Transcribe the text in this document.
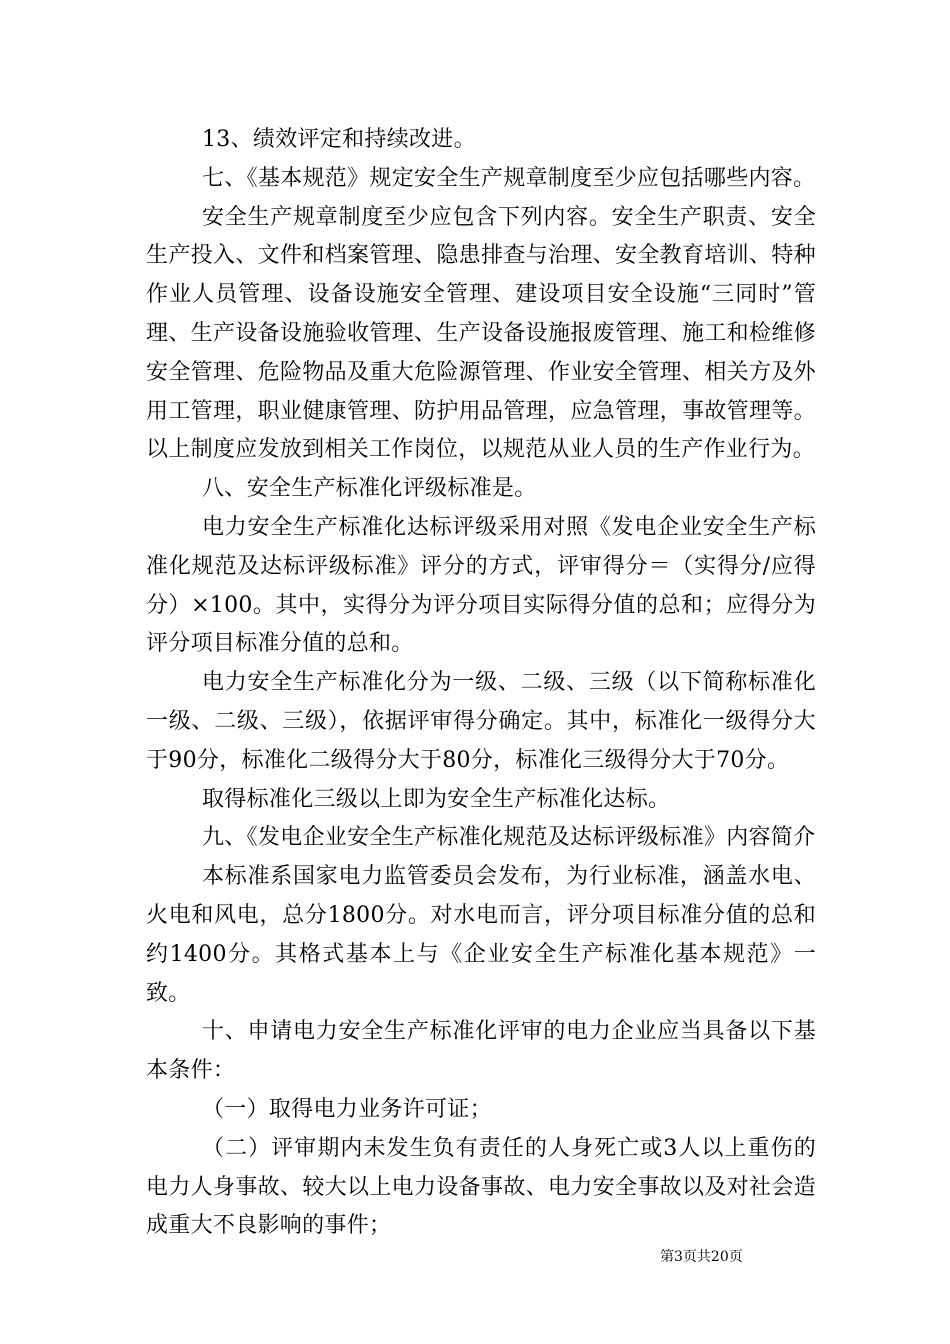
13、绩效评定和持续改进。

七、《基本规范》规定安全生产规章制度至少应包括哪些内容。

安全生产规章制度至少应包含下列内容。安全生产职责、安全生产投入、文件和档案管理、隐患排查与治理、安全教育培训、特种作业人员管理、设备设施安全管理、建设项目安全设施“三同时”管理、生产设备设施验收管理、生产设备设施报废管理、施工和检维修安全管理、危险物品及重大危险源管理、作业安全管理、相关方及外用工管理，职业健康管理、防护用品管理，应急管理，事故管理等。以上制度应发放到相关工作岗位，以规范从业人员的生产作业行为。

八、安全生产标准化评级标准是。

电力安全生产标准化达标评级采用对照《发电企业安全生产标准化规范及达标评级标准》评分的方式，评审得分＝（实得分/应得分）×100。其中，实得分为评分项目实际得分值的总和；应得分为评分项目标准分值的总和。

电力安全生产标准化分为一级、二级、三级（以下简称标准化一级、二级、三级），依据评审得分确定。其中，标准化一级得分大于90分，标准化二级得分大于80分，标准化三级得分大于70分。

取得标准化三级以上即为安全生产标准化达标。

九、《发电企业安全生产标准化规范及达标评级标准》内容简介

本标准系国家电力监管委员会发布，为行业标准，涵盖水电、火电和风电，总分1800分。对水电而言，评分项目标准分值的总和约1400分。其格式基本上与《企业安全生产标准化基本规范》一致。

十、申请电力安全生产标准化评审的电力企业应当具备以下基本条件：

（一）取得电力业务许可证；

（二）评审期内未发生负有责任的人身死亡或3人以上重伤的电力人身事故、较大以上电力设备事故、电力安全事故以及对社会造成重大不良影响的事件；

第3页共20页
